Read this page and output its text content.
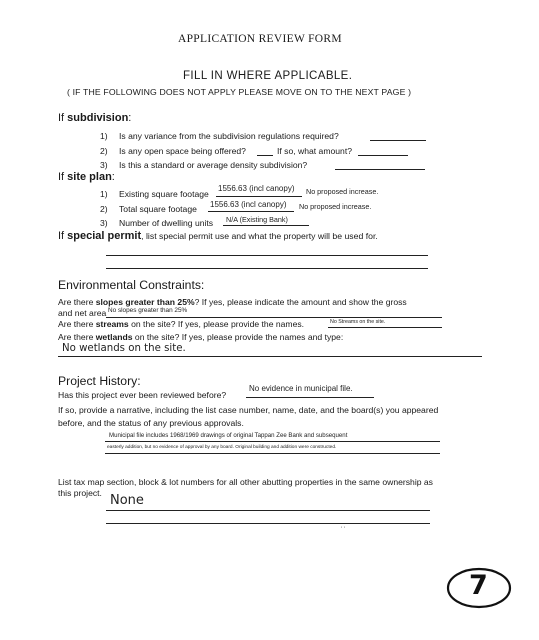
APPLICATION REVIEW FORM
FILL IN WHERE APPLICABLE.
( IF THE FOLLOWING DOES NOT APPLY PLEASE MOVE ON TO THE NEXT PAGE )
If subdivision:
1) Is any variance from the subdivision regulations required?
2) Is any open space being offered?	If so, what amount?
3) Is this a standard or average density subdivision?
If site plan:
1) Existing square footage
1556.63 (incl canopy) No proposed increase.
2) Total square footage 1556.63 (incl canopy) No proposed increase.
3) Number of dwelling units N/A (Existing Bank)
If special permit, list special permit use and what the property will be used for.
Environmental Constraints:
Are there slopes greater than 25%? If yes, please indicate the amount and show the gross
and net area No slopes greater than 25%
Are there streams on the site? If yes, please provide the names.	No Streams on the site.
Are there wetlands on the site? If yes, please provide the names and type:
No wetlands on the site.
Project History:
Has this project ever been reviewed before?
No evidence in municipal file.
If so, provide a narrative, including the list case number, name, date, and the board(s) you appeared
before, and the status of any previous approvals.
Municipal file includes 1968/1969 drawings of original Tappan Zee Bank and subsequent
easterly addition, but no evidence of approval by any board. Original building and addition were constructed.
List tax map section, block & lot numbers for all other abutting properties in the same ownership as
this project. None
' '
7
